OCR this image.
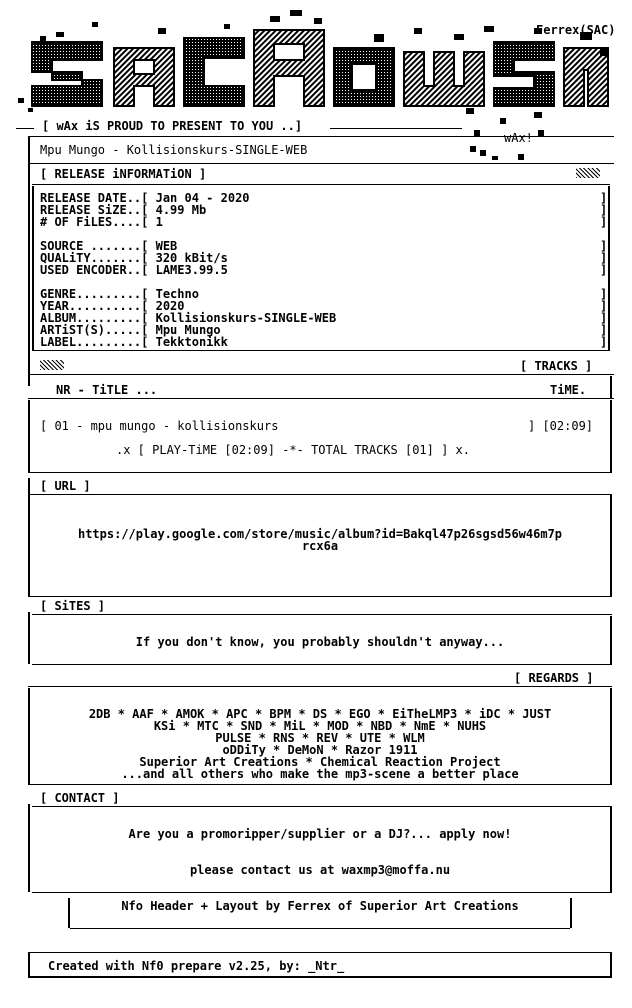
Ferrex(SAC)
[ wAx iS PROUD TO PRESENT TO YOU ..]
wAx!
Mpu Mungo - Kollisionskurs-SINGLE-WEB
[ RELEASE iNFORMATiON ]
RELEASE DATE..[ Jan 04 - 2020
RELEASE SiZE..[ 4.99 Mb
# OF FiLES....[ 1
SOURCE .......[ WEB
QUALiTY.......[ 320 kBit/s
USED ENCODER..[ LAME3.99.5
GENRE.........[ Techno
YEAR..........[ 2020
ALBUM.........[ Kollisionskurs-SINGLE-WEB
ARTiST(S).....[ Mpu Mungo
LABEL.........[ Tekktonikk
]
]
]
]
]
]
]
]
]
]
]
[ TRACKS ]
NR - TiTLE ...	TiME.
[ 01 - mpu mungo - kollisionskurs	] [02:09]
.x [ PLAY-TiME [02:09] -*- TOTAL TRACKS [01] ] x.
[ URL ]
https://play.google.com/store/music/album?id=Bakql47p26sgsd56w46m7p
rcx6a
[ SiTES ]
If you don't know, you probably shouldn't anyway...
[ REGARDS ]
2DB * AAF * AMOK * APC * BPM * DS * EGO * EiTheLMP3 * iDC * JUST
KSi * MTC * SND * MiL * MOD * NBD * NmE * NUHS
PULSE * RNS * REV * UTE * WLM
oDDiTy * DeMoN * Razor 1911
Superior Art Creations * Chemical Reaction Project
...and all others who make the mp3-scene a better place
[ CONTACT ]
Are you a promoripper/supplier or a DJ?... apply now!
please contact us at waxmp3@moffa.nu
Nfo Header + Layout by Ferrex of Superior Art Creations
Created with Nf0 prepare v2.25, by: _Ntr_
